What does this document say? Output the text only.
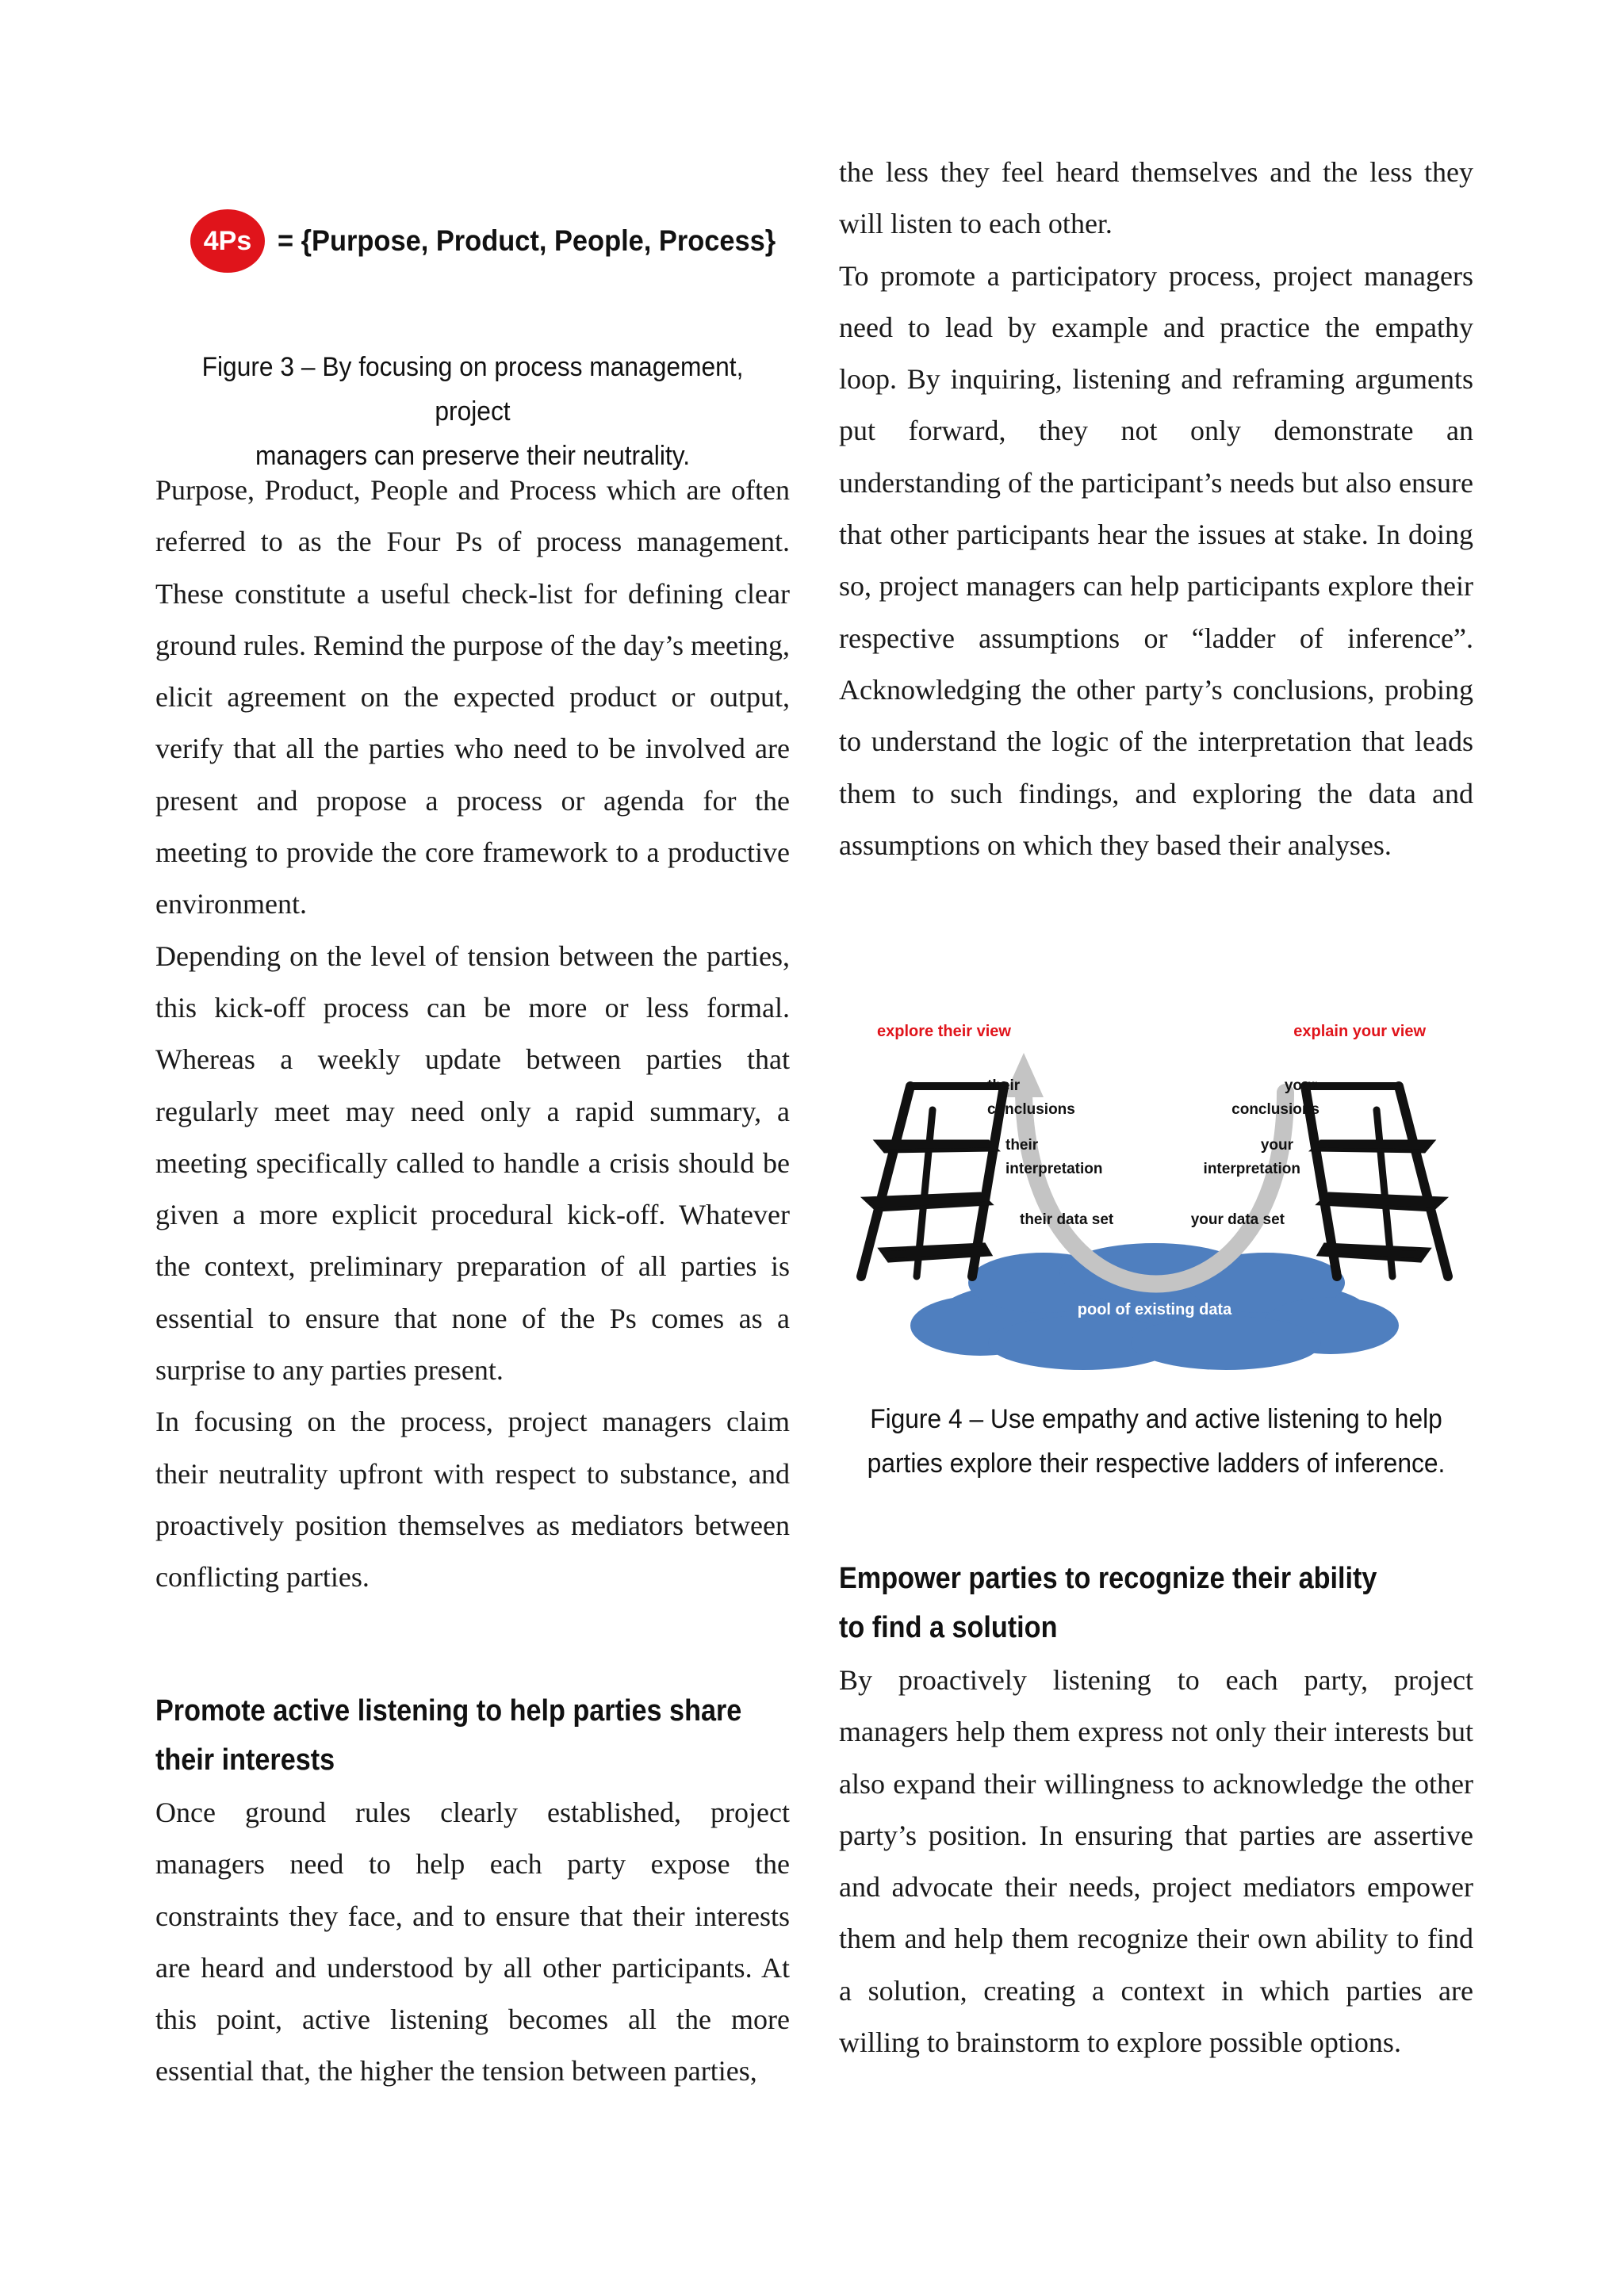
4Ps = {Purpose, Product, People, Process}
Figure 3 – By focusing on process management, project
managers can preserve their neutrality.

Purpose, Product, People and Process which are often referred to as the Four Ps of process management. These constitute a useful check-list for defining clear ground rules. Remind the purpose of the day’s meeting, elicit agreement on the expected product or output, verify that all the parties who need to be involved are present and propose a process or agenda for the meeting to provide the core framework to a productive environment.

Depending on the level of tension between the parties, this kick-off process can be more or less formal. Whereas a weekly update between parties that regularly meet may need only a rapid summary, a meeting specifically called to handle a crisis should be given a more explicit procedural kick-off. Whatever the context, preliminary preparation of all parties is essential to ensure that none of the Ps comes as a surprise to any parties present.

In focusing on the process, project managers claim their neutrality upfront with respect to substance, and proactively position themselves as mediators between conflicting parties.

Promote active listening to help parties share
their interests

Once ground rules clearly established, project managers need to help each party expose the constraints they face, and to ensure that their interests are heard and understood by all other participants. At this point, active listening becomes all the more essential that, the higher the tension between parties,

the less they feel heard themselves and the less they will listen to each other.

To promote a participatory process, project managers need to lead by example and practice the empathy loop. By inquiring, listening and reframing arguments put forward, they not only demonstrate an understanding of the participant’s needs but also ensure that other participants hear the issues at stake. In doing so, project managers can help participants explore their respective assumptions or “ladder of inference”. Acknowledging the other party’s conclusions, probing to understand the logic of the interpretation that leads them to such findings, and exploring the data and assumptions on which they based their analyses.

Figure 4 – Use empathy and active listening to help
parties explore their respective ladders of inference.
Empower parties to recognize their ability
to find a solution

By proactively listening to each party, project managers help them express not only their interests but also expand their willingness to acknowledge the other party’s position. In ensuring that parties are assertive and advocate their needs, project mediators empower them and help them recognize their own ability to find a solution, creating a context in which parties are willing to brainstorm to explore possible options.

pool of existing data
explore their view	explain your view
their
conclusions
their
interpretation
their data set
your
conclusions
your
interpretation
your data set
